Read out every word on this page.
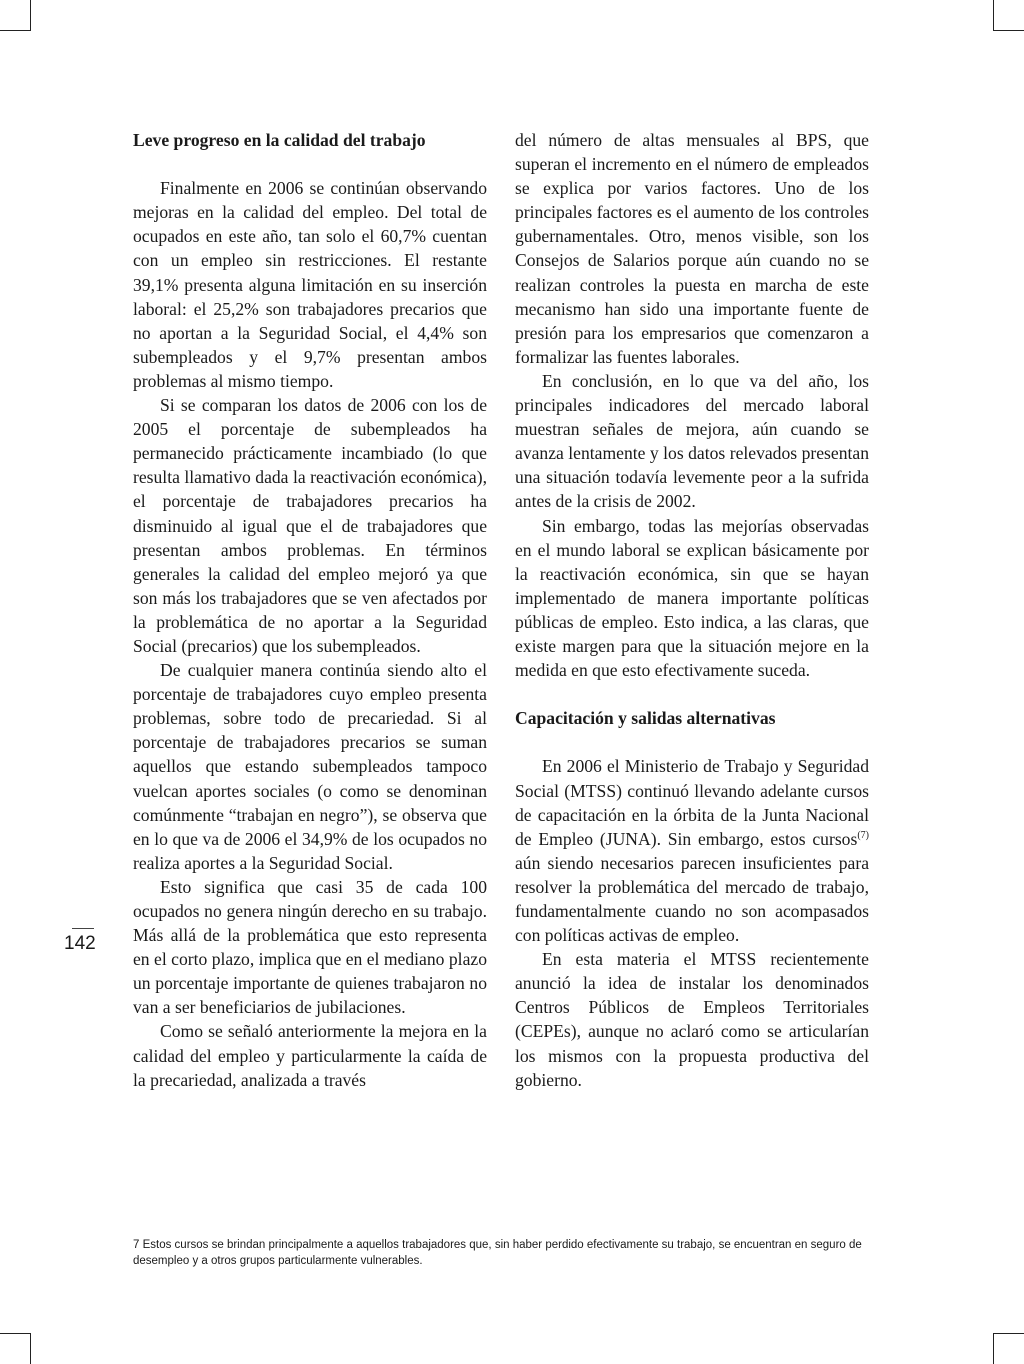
Leve progreso en la calidad del trabajo

Finalmente en 2006 se continúan observando mejoras en la calidad del empleo. Del total de ocupados en este año, tan solo el 60,7% cuentan con un empleo sin restricciones. El restante 39,1% presenta alguna limitación en su inserción laboral: el 25,2% son trabajadores precarios que no aportan a la Seguridad Social, el 4,4% son subempleados y el 9,7% presentan ambos problemas al mismo tiempo.

Si se comparan los datos de 2006 con los de 2005 el porcentaje de subempleados ha permanecido prácticamente incambiado (lo que resulta llamativo dada la reactivación económica), el porcentaje de trabajadores precarios ha disminuido al igual que el de trabajadores que presentan ambos problemas. En términos generales la calidad del empleo mejoró ya que son más los trabajadores que se ven afectados por la problemática de no aportar a la Seguridad Social (precarios) que los subempleados.

De cualquier manera continúa siendo alto el porcentaje de trabajadores cuyo empleo presenta problemas, sobre todo de precariedad. Si al porcentaje de trabajadores precarios se suman aquellos que estando subempleados tampoco vuelcan aportes sociales (o como se denominan comúnmente “trabajan en negro”), se observa que en lo que va de 2006 el 34,9% de los ocupados no realiza aportes a la Seguridad Social.

Esto significa que casi 35 de cada 100 ocupados no genera ningún derecho en su trabajo. Más allá de la problemática que esto representa en el corto plazo, implica que en el mediano plazo un porcentaje importante de quienes trabajaron no van a ser beneficiarios de jubilaciones.

Como se señaló anteriormente la mejora en la calidad del empleo y particularmente la caída de la precariedad, analizada a través

del número de altas mensuales al BPS, que superan el incremento en el número de empleados se explica por varios factores. Uno de los principales factores es el aumento de los controles gubernamentales. Otro, menos visible, son los Consejos de Salarios porque aún cuando no se realizan controles la puesta en marcha de este mecanismo han sido una importante fuente de presión para los empresarios que comenzaron a formalizar las fuentes laborales.

En conclusión, en lo que va del año, los principales indicadores del mercado laboral muestran señales de mejora, aún cuando se avanza lentamente y los datos relevados presentan una situación todavía levemente peor a la sufrida antes de la crisis de 2002.

Sin embargo, todas las mejorías observadas en el mundo laboral se explican básicamente por la reactivación económica, sin que se hayan implementado de manera importante políticas públicas de empleo. Esto indica, a las claras, que existe margen para que la situación mejore en la medida en que esto efectivamente suceda.

Capacitación y salidas alternativas

En 2006 el Ministerio de Trabajo y Seguridad Social (MTSS) continuó llevando adelante cursos de capacitación en la órbita de la Junta Nacional de Empleo (JUNA). Sin embargo, estos cursos$^{(7)}$ aún siendo necesarios parecen insuficientes para resolver la problemática del mercado de trabajo, fundamentalmente cuando no son acompasados con políticas activas de empleo.

En esta materia el MTSS recientemente anunció la idea de instalar los denominados Centros Públicos de Empleos Territoriales (CEPEs), aunque no aclaró como se articularían los mismos con la propuesta productiva del gobierno.

142
7 Estos cursos se brindan principalmente a aquellos trabajadores que, sin haber perdido efectivamente su trabajo, se encuentran en seguro de desempleo y a otros grupos particularmente vulnerables.
